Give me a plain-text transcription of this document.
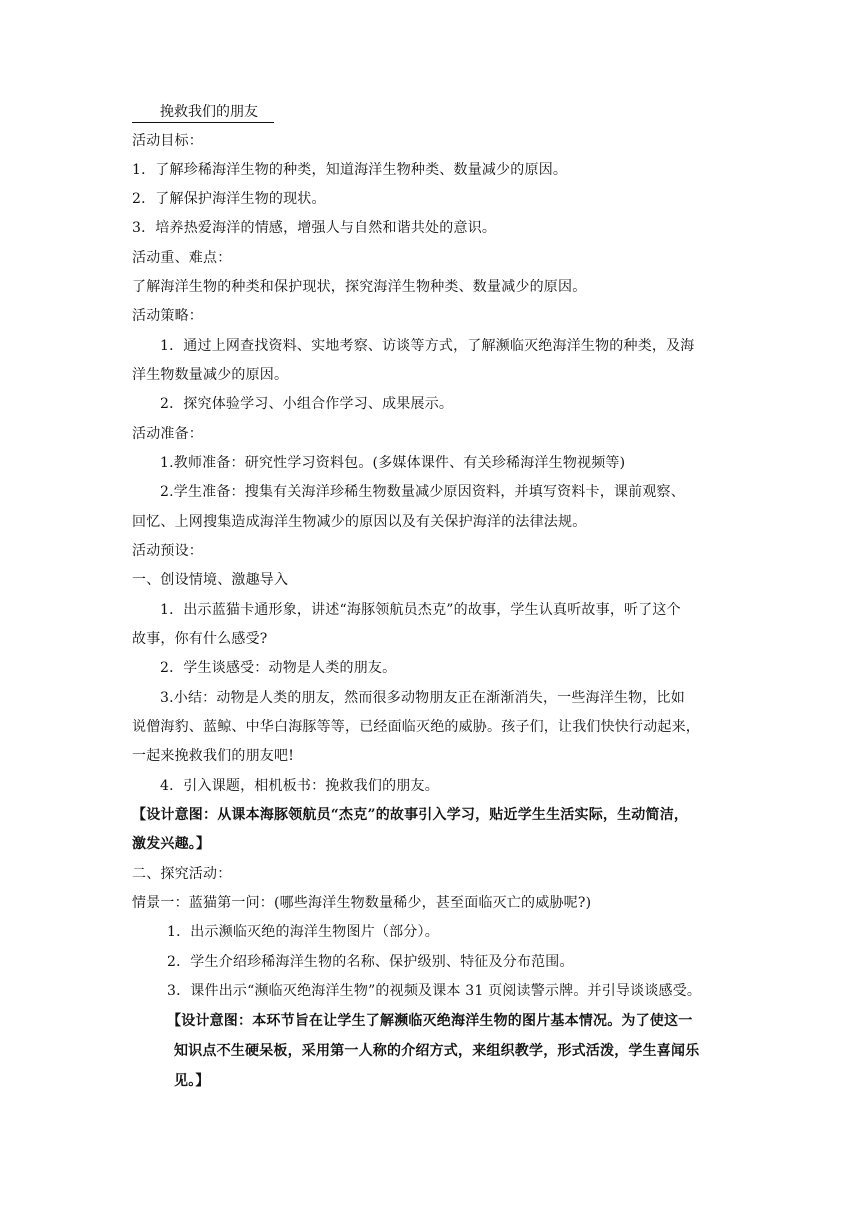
挽救我们的朋友
活动目标：
1．了解珍稀海洋生物的种类，知道海洋生物种类、数量减少的原因。
2．了解保护海洋生物的现状。
3．培养热爱海洋的情感，增强人与自然和谐共处的意识。
活动重、难点：
了解海洋生物的种类和保护现状，探究海洋生物种类、数量减少的原因。
活动策略：
1．通过上网查找资料、实地考察、访谈等方式，了解濒临灭绝海洋生物的种类，及海
洋生物数量减少的原因。
2．探究体验学习、小组合作学习、成果展示。
活动准备：
1.教师准备：研究性学习资料包。(多媒体课件、有关珍稀海洋生物视频等)
2.学生准备：搜集有关海洋珍稀生物数量减少原因资料，并填写资料卡，课前观察、
回忆、上网搜集造成海洋生物减少的原因以及有关保护海洋的法律法规。
活动预设：
一、创设情境、激趣导入
1．出示蓝猫卡通形象，讲述“海豚领航员杰克”的故事，学生认真听故事，听了这个
故事，你有什么感受?
2．学生谈感受：动物是人类的朋友。
3.小结：动物是人类的朋友，然而很多动物朋友正在渐渐消失，一些海洋生物，比如
说僧海豹、蓝鲸、中华白海豚等等，已经面临灭绝的威胁。孩子们，让我们快快行动起来，
一起来挽救我们的朋友吧!
4．引入课题，相机板书：挽救我们的朋友。
【设计意图：从课本海豚领航员“杰克”的故事引入学习，贴近学生生活实际，生动简洁，
激发兴趣。】
二、探究活动：
情景一：蓝猫第一问：(哪些海洋生物数量稀少，甚至面临灭亡的威胁呢?)
1．出示濒临灭绝的海洋生物图片（部分）。
2．学生介绍珍稀海洋生物的名称、保护级别、特征及分布范围。
3．课件出示“濒临灭绝海洋生物”的视频及课本 31 页阅读警示牌。并引导谈谈感受。
【设计意图：本环节旨在让学生了解濒临灭绝海洋生物的图片基本情况。为了使这一
知识点不生硬呆板，采用第一人称的介绍方式，来组织教学，形式活泼，学生喜闻乐
见。】
